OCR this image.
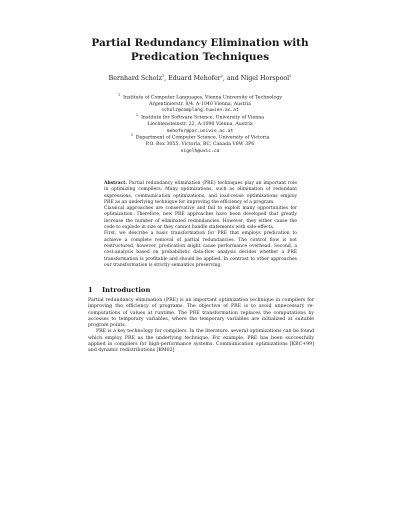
Partial Redundancy Elimination with
Predication Techniques
Bernhard Scholz$^1$, Eduard Mehofer$^2$, and Nigel Horspool$^3$
$^1$  Institute of Computer Languages, Vienna University of Technology
Argentinierstr. 8/4, A-1040 Vienna, Austria
scholz@complang.tuwien.ac.at
$^2$  Institute for Software Science, University of Vienna
Liechtensteinstr. 22, A-1090 Vienna, Austria
mehofer@par.univie.ac.at
$^3$  Department of Computer Science, University of Victoria
P.O. Box 3055, Victoria, BC, Canada V8W 3P6
nigelh@uvic.ca

Abstract. Partial redundancy elimination (PRE) techniques play an important role in optimizing compilers. Many optimizations, such as elimination of redundant expressions, communication optimizations, and load-reuse optimizations employ PRE as an underlying technique for improving the efficiency of a program.

Classical approaches are conservative and fail to exploit many opportunities for optimization. Therefore, new PRE approaches have been developed that greatly increase the number of eliminated redundancies. However, they either cause the code to explode in size or they cannot handle statements with side-effects.

First, we describe a basic transformation for PRE that employs predication to achieve a complete removal of partial redundancies. The control flow is not restructured, however, predication might cause performance overhead. Second, a cost-analysis based on probabilistic data-flow analysis decides whether a PRE transformation is profitable and should be applied. In contrast to other approaches our transformation is strictly semantics preserving.

1 Introduction

Partial redundancy elimination (PRE) is an important optimization technique in compilers for improving the efficiency of programs. The objective of PRE is to avoid unnecessary re-computations of values at runtime. The PRE transformation replaces the computations by accesses to temporary variables, where the temporary variables are initialized at suitable program points.

PRE is a key technology for compilers. In the literature, several optimizations can be found which employ PRE as the underlying technique. For example, PRE has been successfully applied in compilers for high-performance systems. Communication optimizations [KBC+99] and dynamic redistributions [KM02]
